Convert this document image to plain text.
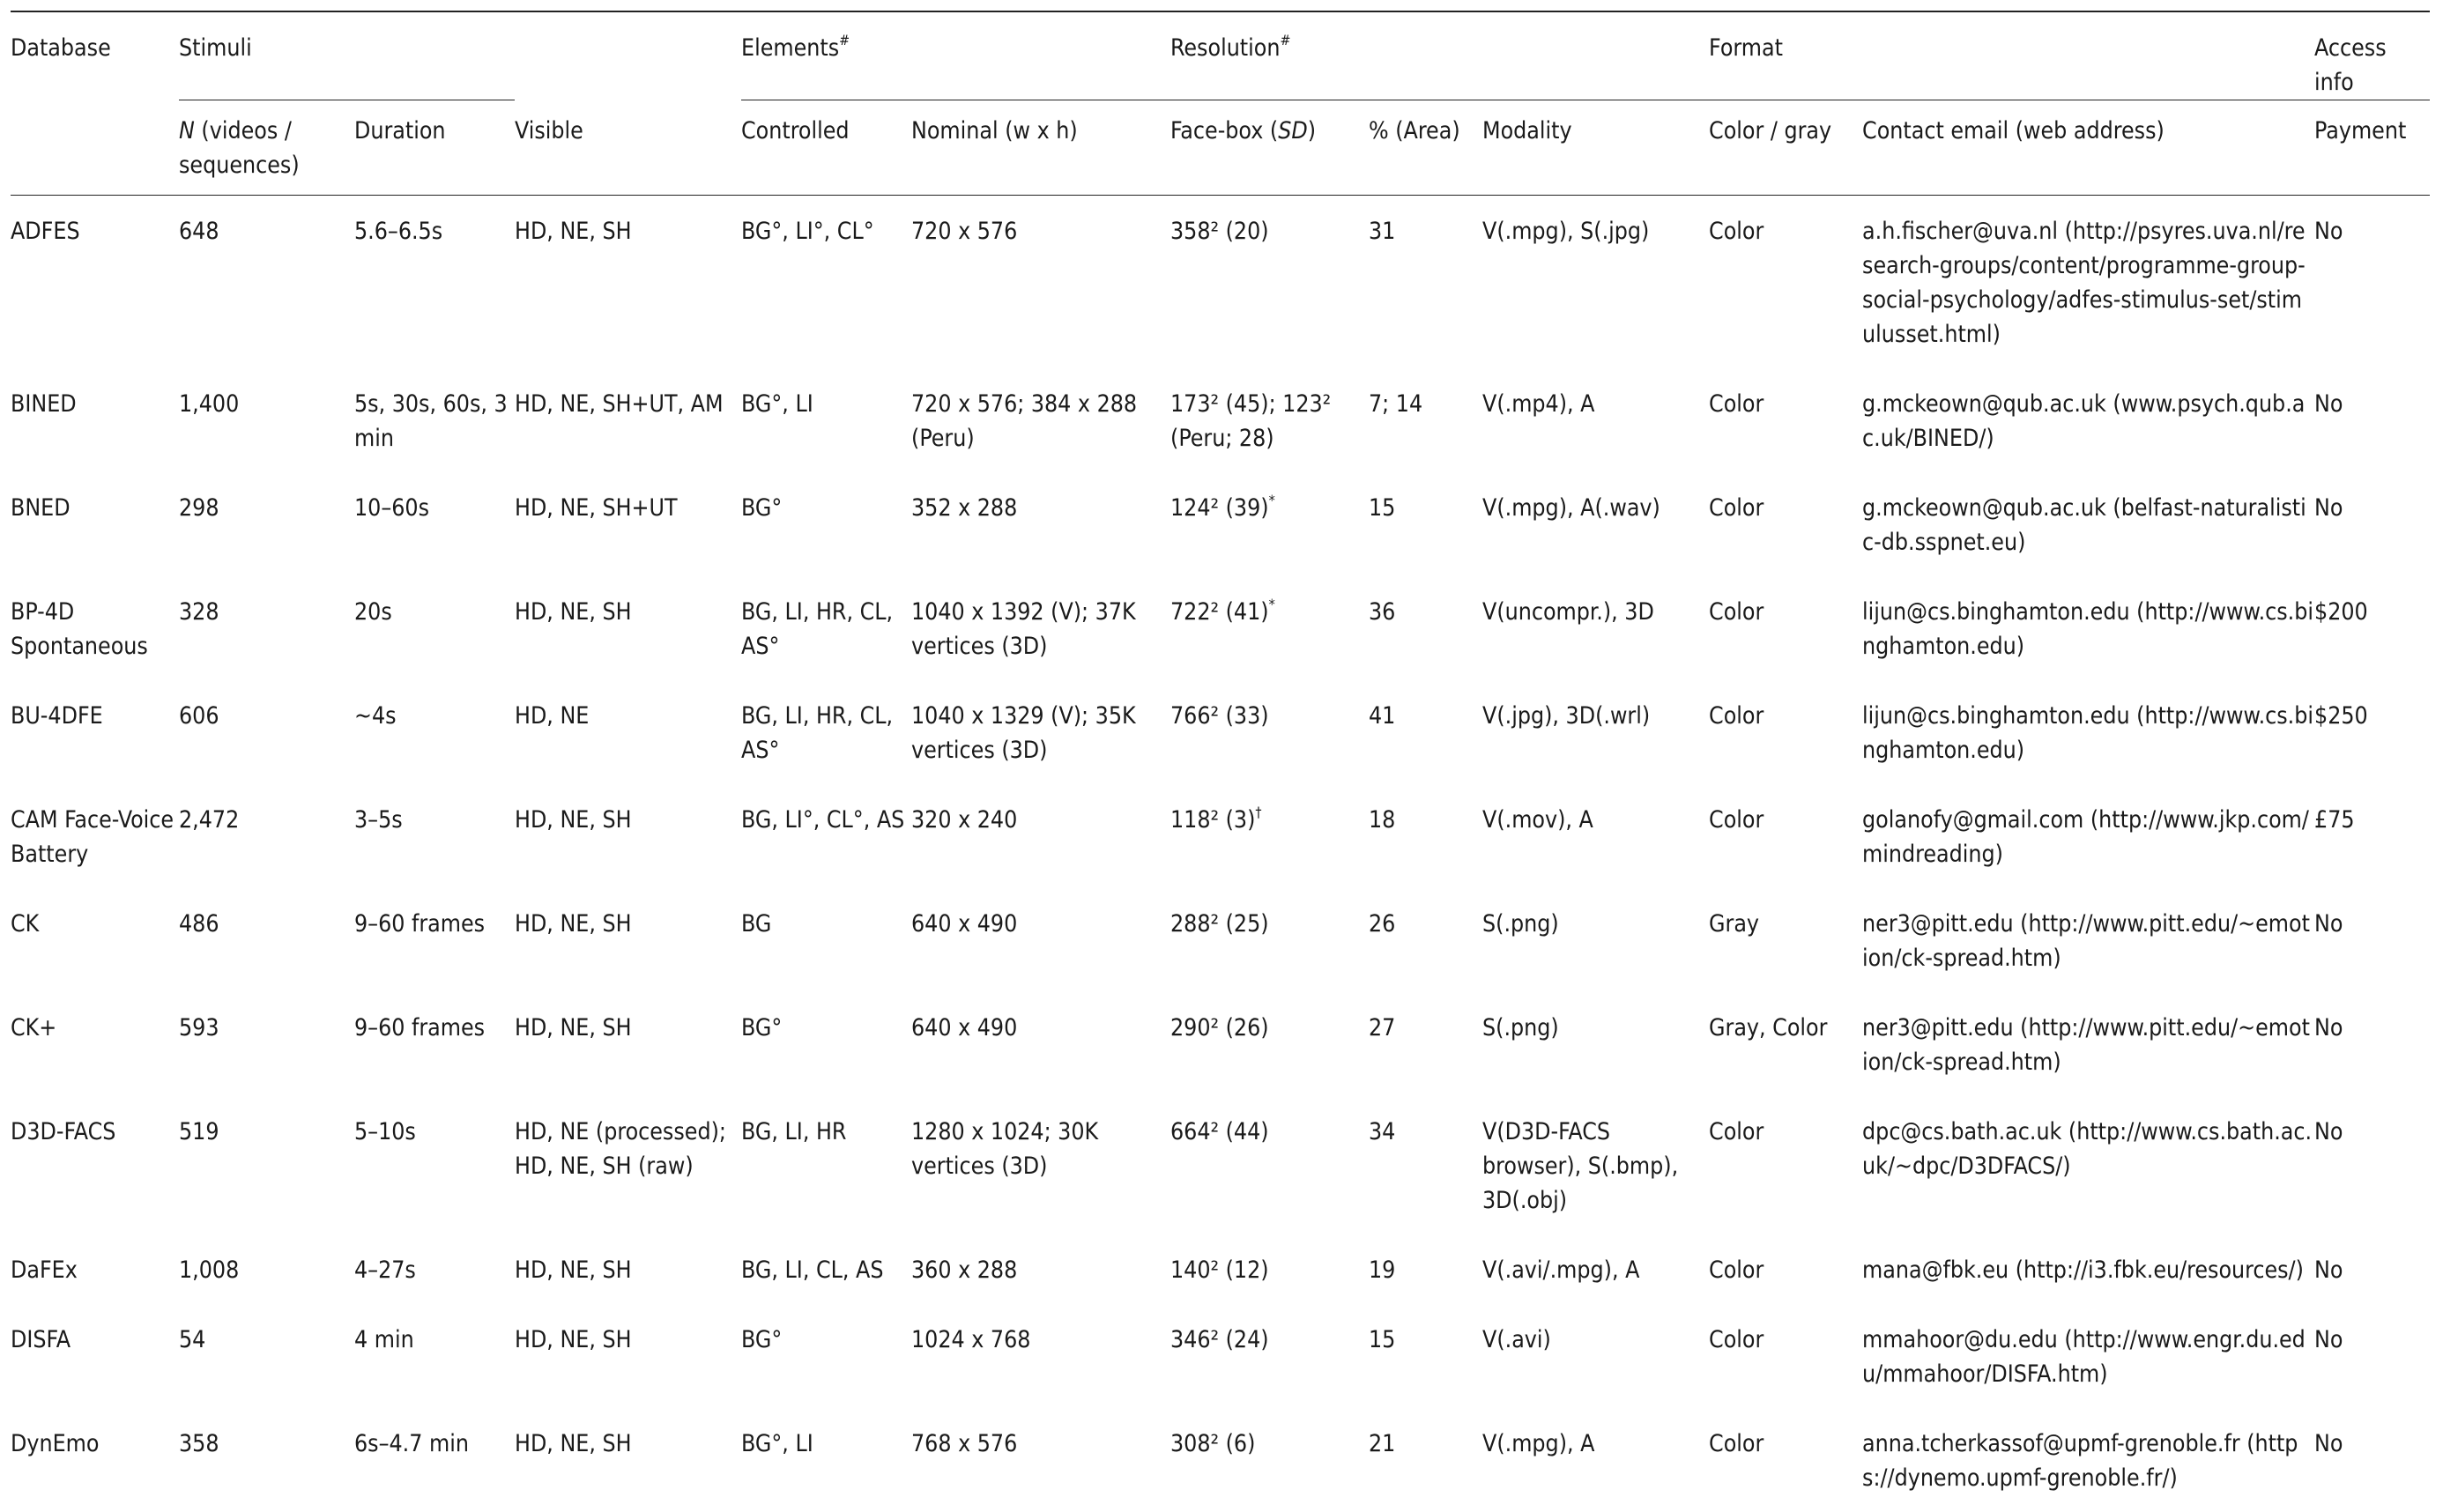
Database	Stimuli			Elements#		Resolution#			Format		Access info
	N (videos / sequences)	Duration	Visible	Controlled	Nominal (w x h)	Face-box (SD)	% (Area)	Modality	Color / gray	Contact email (web address)	Payment
ADFES	648	5.6–6.5s	HD, NE, SH	BG°, LI°, CL°	720 x 576	358² (20)	31	V(.mpg), S(.jpg)	Color	a.h.fischer@uva.nl (http://psyres.uva.nl/research-groups/content/programme-group-social-psychology/adfes-stimulus-set/stimulusset.html)	No
BINED	1,400	5s, 30s, 60s, 3 min	HD, NE, SH+UT, AM	BG°, LI	720 x 576; 384 x 288 (Peru)	173² (45); 123² (Peru; 28)	7; 14	V(.mp4), A	Color	g.mckeown@qub.ac.uk (www.psych.qub.ac.uk/BINED/)	No
BNED	298	10–60s	HD, NE, SH+UT	BG°	352 x 288	124² (39)*	15	V(.mpg), A(.wav)	Color	g.mckeown@qub.ac.uk (belfast-naturalistic-db.sspnet.eu)	No
BP-4D Spontaneous	328	20s	HD, NE, SH	BG, LI, HR, CL, AS°	1040 x 1392 (V); 37K vertices (3D)	722² (41)*	36	V(uncompr.), 3D	Color	lijun@cs.binghamton.edu (http://www.cs.binghamton.edu)	$200
BU-4DFE	606	~4s	HD, NE	BG, LI, HR, CL, AS°	1040 x 1329 (V); 35K vertices (3D)	766² (33)	41	V(.jpg), 3D(.wrl)	Color	lijun@cs.binghamton.edu (http://www.cs.binghamton.edu)	$250
CAM Face-Voice Battery	2,472	3–5s	HD, NE, SH	BG, LI°, CL°, AS	320 x 240	118² (3)†	18	V(.mov), A	Color	golanofy@gmail.com (http://www.jkp.com/mindreading)	£75
CK	486	9–60 frames	HD, NE, SH	BG	640 x 490	288² (25)	26	S(.png)	Gray	ner3@pitt.edu (http://www.pitt.edu/~emotion/ck-spread.htm)	No
CK+	593	9–60 frames	HD, NE, SH	BG°	640 x 490	290² (26)	27	S(.png)	Gray, Color	ner3@pitt.edu (http://www.pitt.edu/~emotion/ck-spread.htm)	No
D3D-FACS	519	5–10s	HD, NE (processed); HD, NE, SH (raw)	BG, LI, HR	1280 x 1024; 30K vertices (3D)	664² (44)	34	V(D3D-FACS browser), S(.bmp), 3D(.obj)	Color	dpc@cs.bath.ac.uk (http://www.cs.bath.ac.uk/~dpc/D3DFACS/)	No
DaFEx	1,008	4–27s	HD, NE, SH	BG, LI, CL, AS	360 x 288	140² (12)	19	V(.avi/.mpg), A	Color	mana@fbk.eu (http://i3.fbk.eu/resources/)	No
DISFA	54	4 min	HD, NE, SH	BG°	1024 x 768	346² (24)	15	V(.avi)	Color	mmahoor@du.edu (http://www.engr.du.edu/mmahoor/DISFA.htm)	No
DynEmo	358	6s–4.7 min	HD, NE, SH	BG°, LI	768 x 576	308² (6)	21	V(.mpg), A	Color	anna.tcherkassof@upmf-grenoble.fr (https://dynemo.upmf-grenoble.fr/)	No
